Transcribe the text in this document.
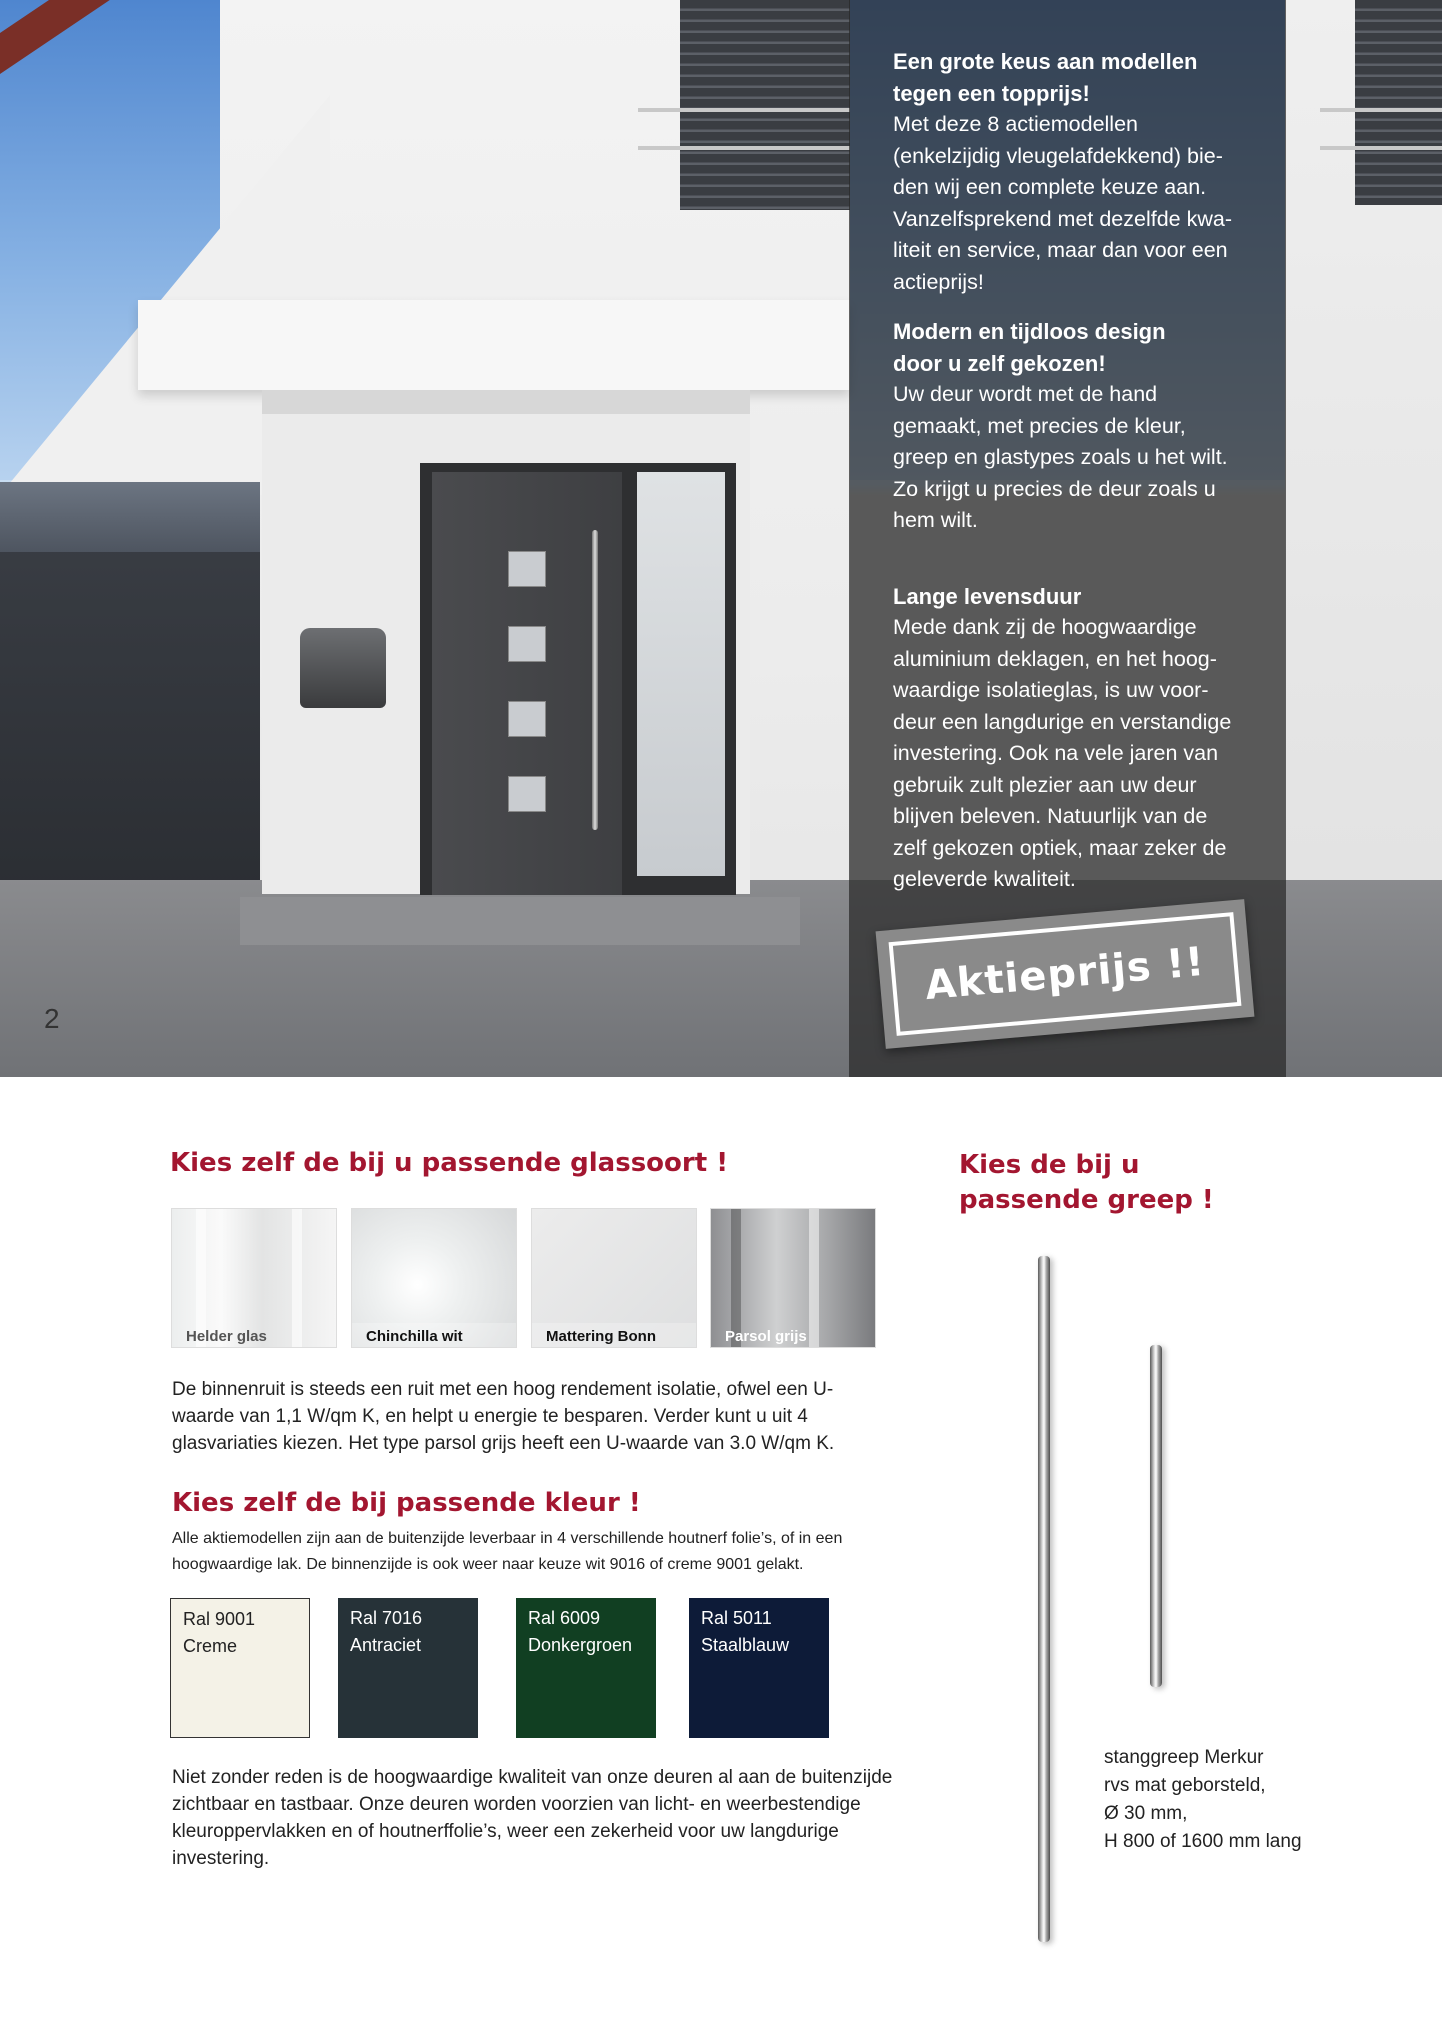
2

Een grote keus aan modellen

tegen een topprijs!

Met deze 8 actiemodellen

(enkelzijdig vleugelafdekkend) bie-

den wij een complete keuze aan.

Vanzelfsprekend met dezelfde kwa-

liteit en service, maar dan voor een

actieprijs!

Modern en tijdloos design

door u zelf gekozen!

Uw deur wordt met de hand

gemaakt, met precies de kleur,

greep en glastypes zoals u het wilt.

Zo krijgt u precies de deur zoals u

hem wilt.

Lange levensduur

Mede dank zij de hoogwaardige

aluminium deklagen, en het hoog-

waardige isolatieglas, is uw voor-

deur een langdurige en verstandige

investering. Ook na vele jaren van

gebruik zult plezier aan uw deur

blijven beleven. Natuurlijk van de

zelf gekozen optiek, maar zeker de

geleverde kwaliteit.

Aktieprijs !!
Kies zelf de bij u passende glassoort !
Helder glas	Chinchilla wit	Mattering Bonn	Parsol grijs
De binnenruit is steeds een ruit met een hoog rendement isolatie, ofwel een U-waarde van 1,1 W/qm K, en helpt u energie te besparen. Verder kunt u uit 4 glasvariaties kiezen. Het type parsol grijs heeft een U-waarde van 3.0 W/qm K.
Kies zelf de bij passende kleur !
Alle aktiemodellen zijn aan de buitenzijde leverbaar in 4 verschillende houtnerf folie’s, of in een hoogwaardige lak. De binnenzijde is ook weer naar keuze wit 9016 of creme 9001 gelakt.
Ral 9001
Creme
Ral 7016
Antraciet
Ral 6009
Donkergroen
Ral 5011
Staalblauw
Niet zonder reden is de hoogwaardige kwaliteit van onze deuren al aan de buitenzijde zichtbaar en tastbaar. Onze deuren worden voorzien van licht- en weerbestendige kleuroppervlakken en of houtnerffolie’s, weer een zekerheid voor uw langdurige investering.
Kies de bij u
passende greep !

stanggreep Merkur

rvs mat geborsteld,

Ø 30 mm,

H 800 of 1600 mm lang
